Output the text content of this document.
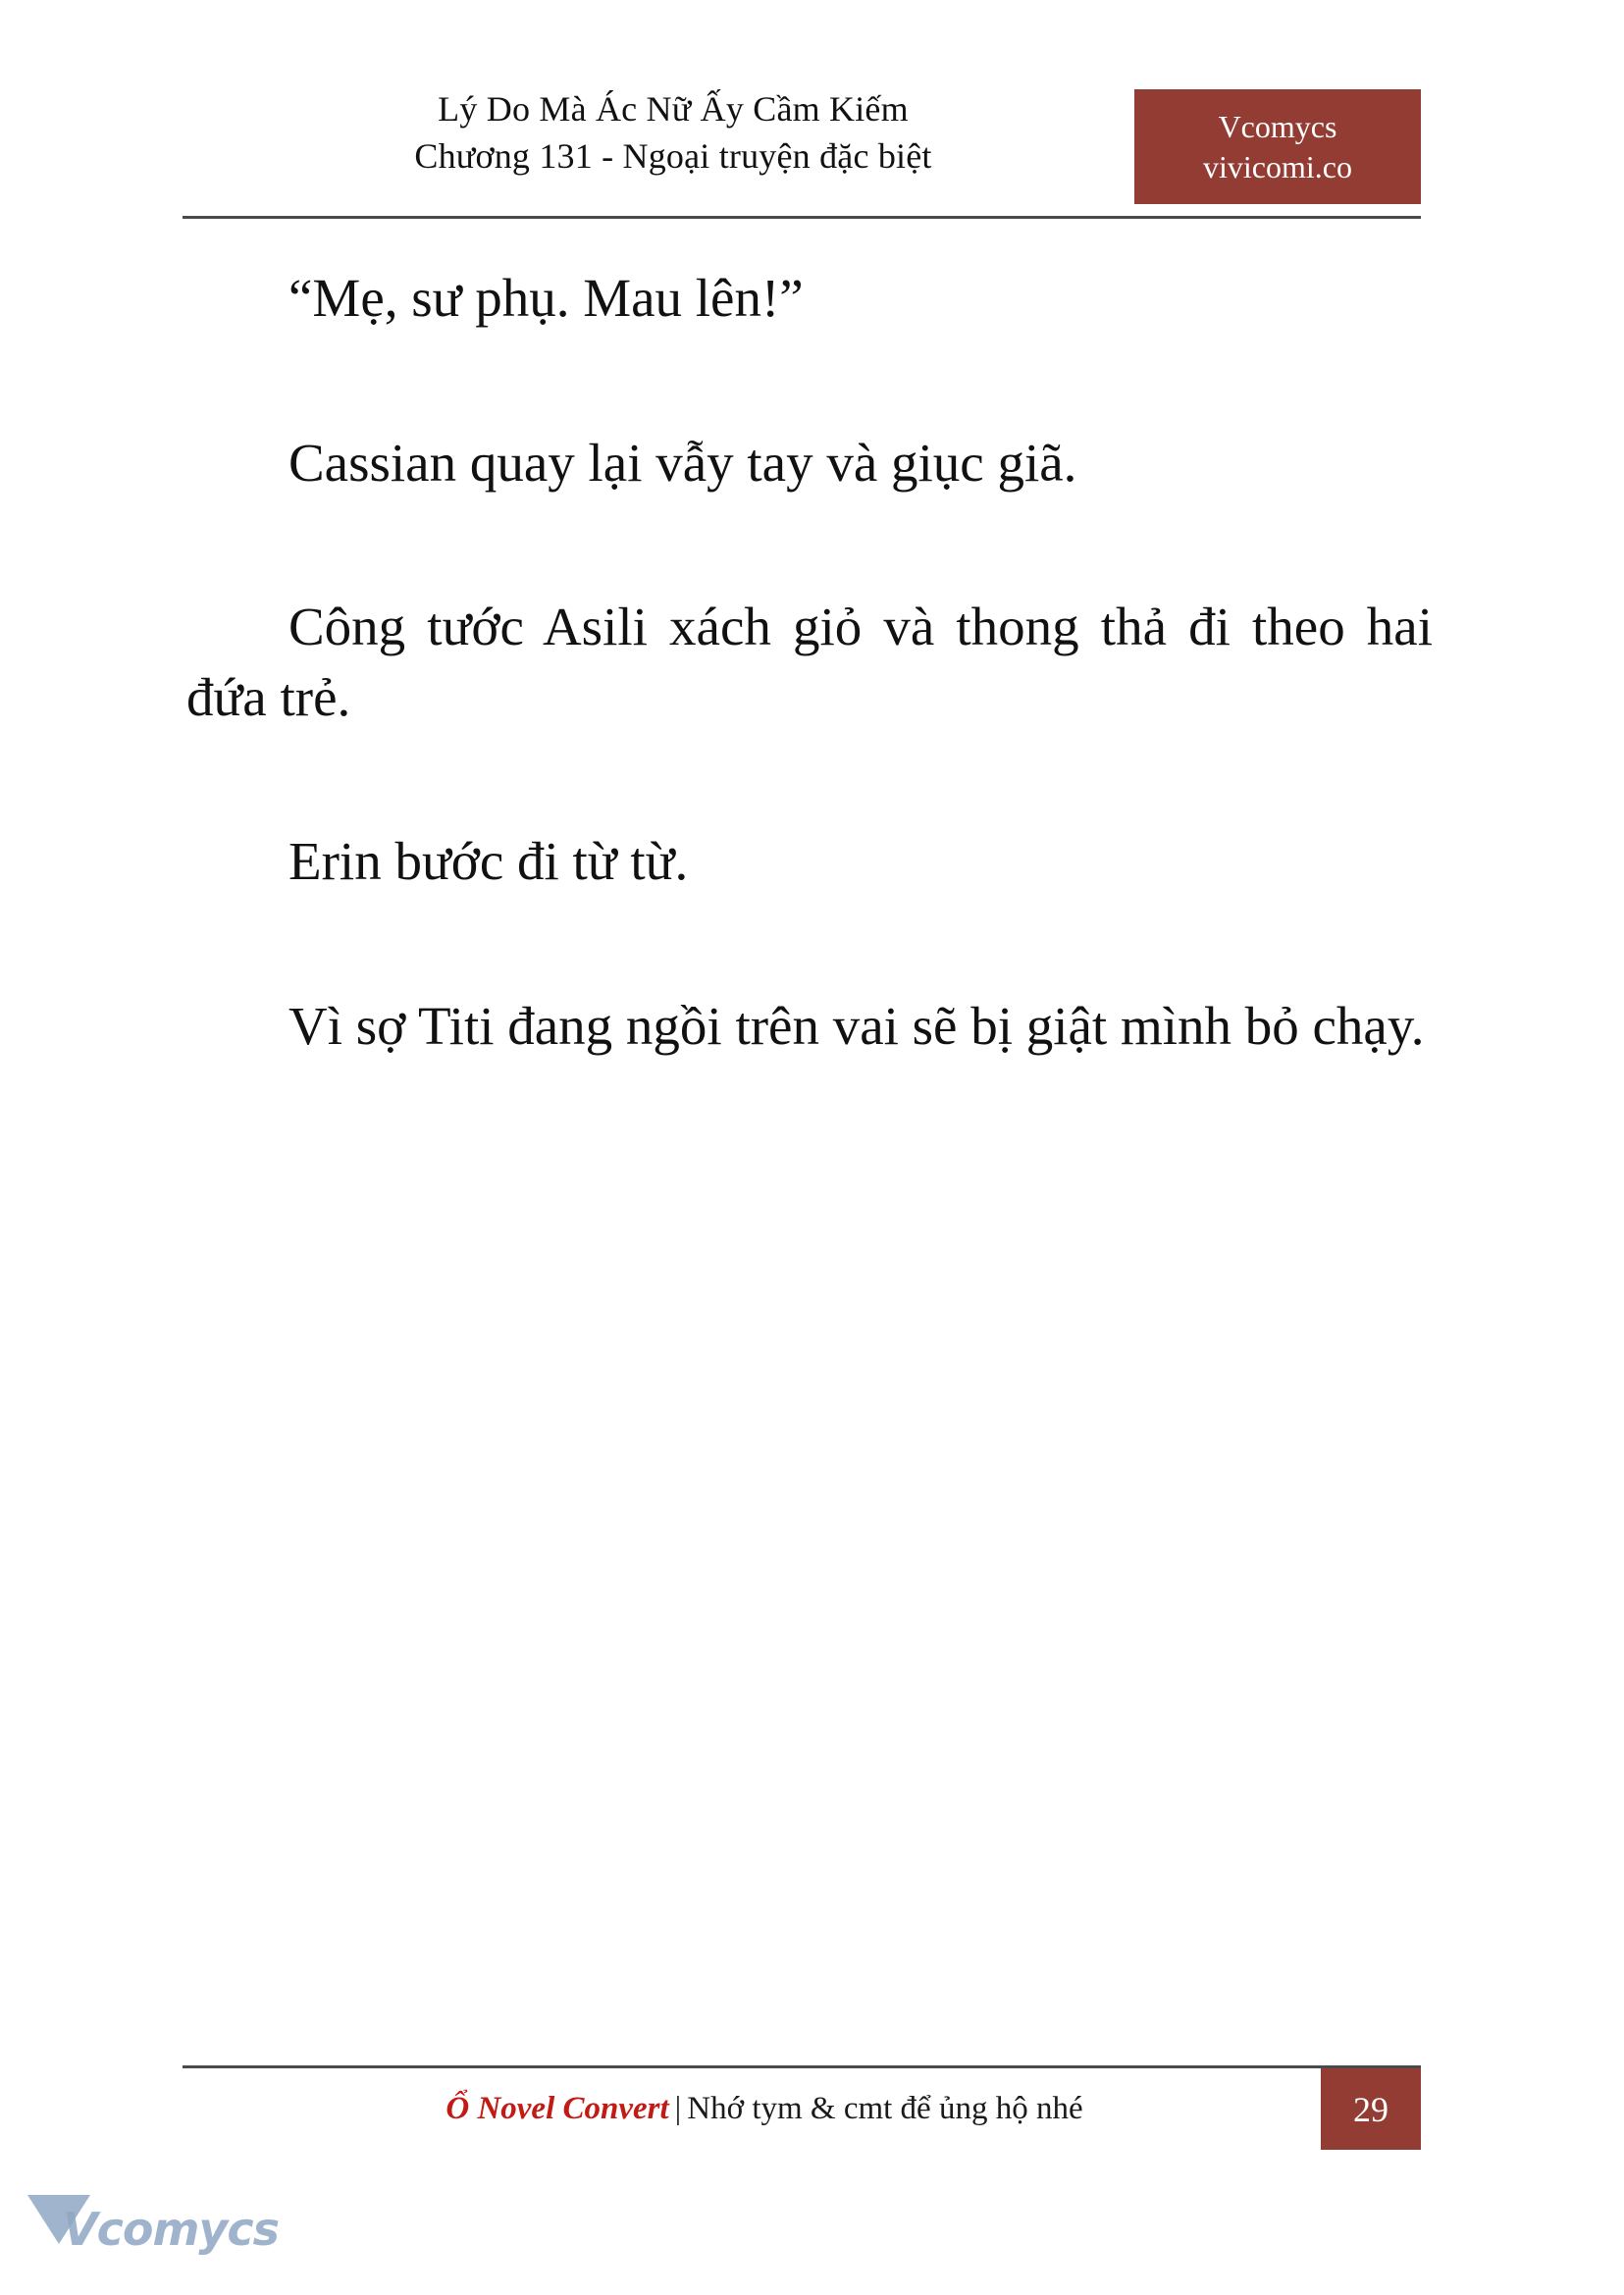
Lý Do Mà Ác Nữ Ấy Cầm Kiếm
Chương 131 - Ngoại truyện đặc biệt
Vcomycs
vivicomi.co

“Mẹ, sư phụ. Mau lên!”

Cassian quay lại vẫy tay và giục giã.

Công tước Asili xách giỏ và thong thả đi theo hai đứa trẻ.

Erin bước đi từ từ.

Vì sợ Titi đang ngồi trên vai sẽ bị giật mình bỏ chạy.

Ổ Novel Convert | Nhớ tym & cmt để ủng hộ nhé	29
Vcomycs
